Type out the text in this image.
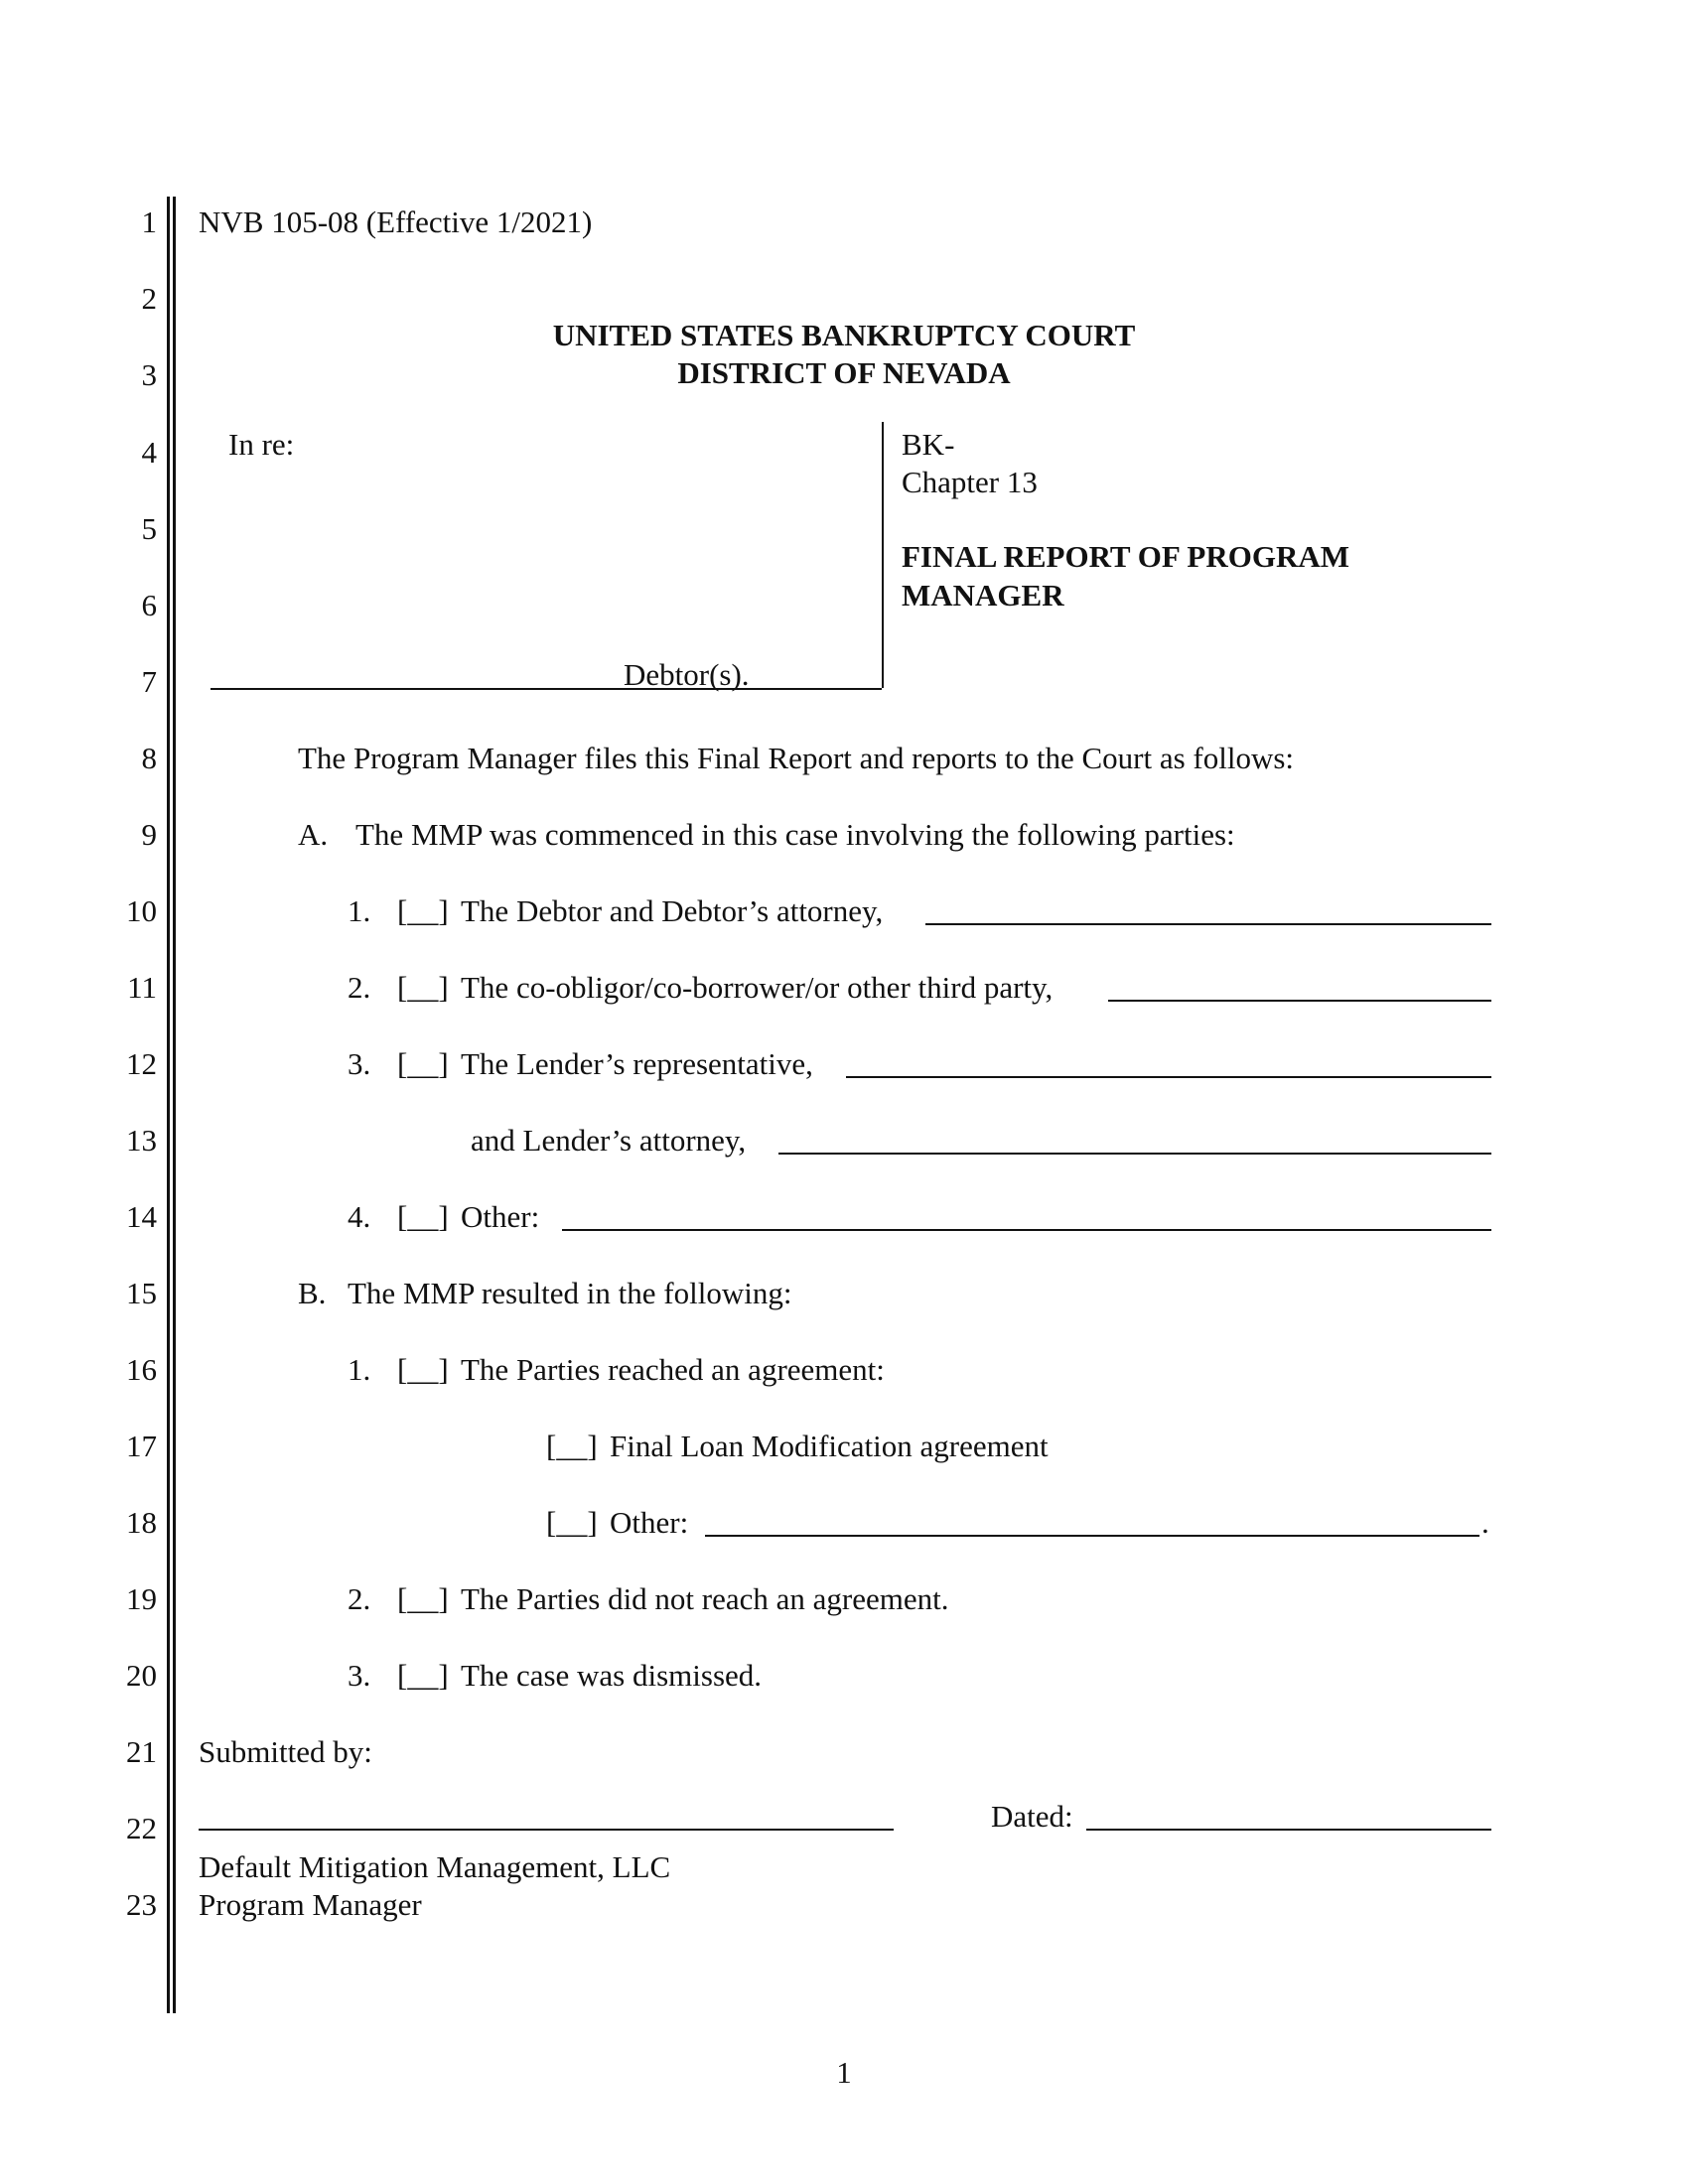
1
2
3
4
5
6
7
8
9
10
11
12
13
14
15
16
17
18
19
20
21
22
23
NVB 105-08 (Effective 1/2021)
UNITED STATES BANKRUPTCY COURT
DISTRICT OF NEVADA
In re:
Debtor(s).
BK-
Chapter 13
FINAL REPORT OF PROGRAM
MANAGER
The Program Manager files this Final Report and reports to the Court as follows:
A. The MMP was commenced in this case involving the following parties:
1. [__] The Debtor and Debtor’s attorney,
2. [__] The co-obligor/co-borrower/or other third party,
3. [__] The Lender’s representative,
and Lender’s attorney,
4. [__] Other:
B. The MMP resulted in the following:
1. [__] The Parties reached an agreement:
[__] Final Loan Modification agreement
[__] Other:	.
2. [__] The Parties did not reach an agreement.
3. [__] The case was dismissed.
Submitted by:
Dated:
Default Mitigation Management, LLC
Program Manager
1
